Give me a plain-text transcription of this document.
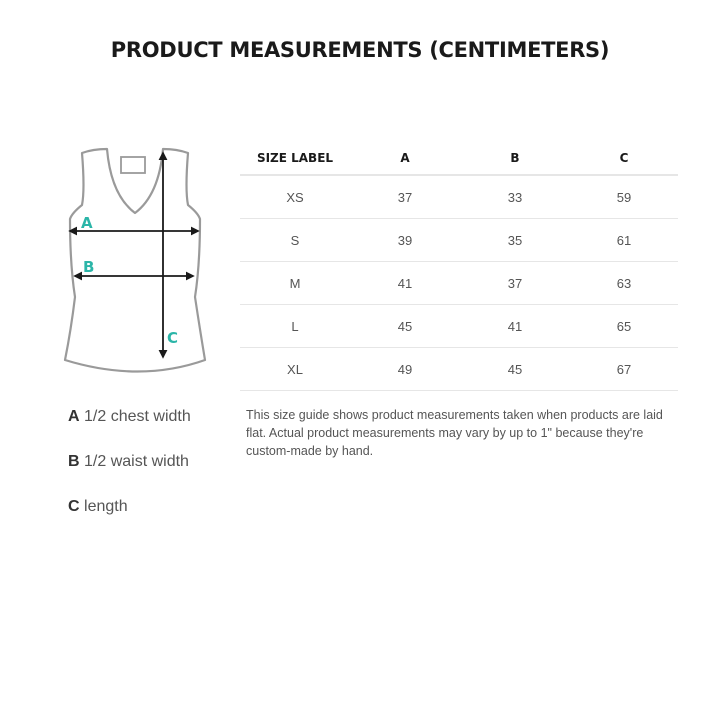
PRODUCT MEASUREMENTS (CENTIMETERS)
A
B
C
A 1/2 chest width
B 1/2 waist width
C length
SIZE LABEL	A	B	C
XS	37	33	59
S	39	35	61
M	41	37	63
L	45	41	65
XL	49	45	67
This size guide shows product measurements taken when products are laid flat. Actual product measurements may vary by up to 1" because they're custom-made by hand.
